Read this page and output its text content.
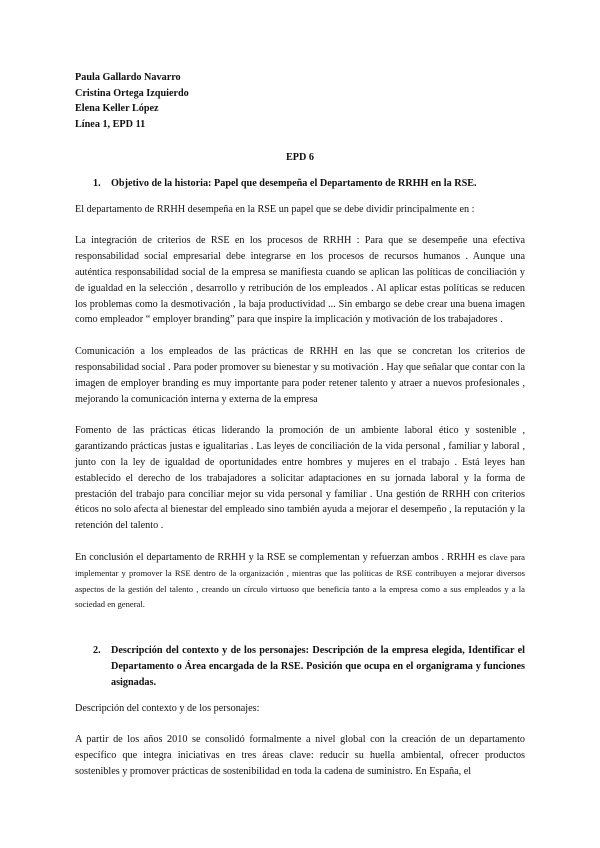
Paula Gallardo Navarro
Cristina Ortega Izquierdo
Elena Keller López
Línea 1, EPD 11
EPD 6
1.	Objetivo de la historia: Papel que desempeña el Departamento de RRHH en la RSE.

El departamento de RRHH desempeña en la RSE un papel que se debe dividir principalmente en :

La integración de criterios de RSE en los procesos de RRHH : Para que se desempeñe una efectiva responsabilidad social empresarial debe integrarse en los procesos de recursos humanos . Aunque una auténtica responsabilidad social de la empresa se manifiesta cuando se aplican las políticas de conciliación y de igualdad en la selección , desarrollo y retribución de los empleados . Al aplicar estas políticas se reducen los problemas como la desmotivación , la baja productividad ... Sin embargo se debe crear una buena imagen como empleador “ employer branding” para que inspire la implicación y motivación de los trabajadores .

Comunicación a los empleados de las prácticas de RRHH en las que se concretan los criterios de responsabilidad social . Para poder promover su bienestar y su motivación . Hay que señalar que contar con la imagen de employer branding es muy importante para poder retener talento y atraer a nuevos profesionales , mejorando la comunicación interna y externa de la empresa

Fomento de las prácticas éticas liderando la promoción de un ambiente laboral ético y sostenible , garantizando prácticas justas e igualitarias . Las leyes de conciliación de la vida personal , familiar y laboral , junto con la ley de igualdad de oportunidades entre hombres y mujeres en el trabajo . Está leyes han establecido el derecho de los trabajadores a solicitar adaptaciones en su jornada laboral y la forma de prestación del trabajo para conciliar mejor su vida personal y familiar . Una gestión de RRHH con criterios éticos no solo afecta al bienestar del empleado sino también ayuda a mejorar el desempeño , la reputación y la retención del talento .

En conclusión el departamento de RRHH y la RSE se complementan y refuerzan ambos . RRHH es clave para implementar y promover la RSE dentro de la organización , mientras que las políticas de RSE contribuyen a mejorar diversos aspectos de la gestión del talento , creando un círculo virtuoso que beneficia tanto a la empresa como a sus empleados y a la sociedad en general.

2.	Descripción del contexto y de los personajes: Descripción de la empresa elegida, Identificar el Departamento o Área encargada de la RSE. Posición que ocupa en el organigrama y funciones asignadas.

Descripción del contexto y de los personajes:

A partir de los años 2010 se consolidó formalmente a nivel global con la creación de un departamento específico que integra iniciativas en tres áreas clave: reducir su huella ambiental, ofrecer productos sostenibles y promover prácticas de sostenibilidad en toda la cadena de suministro. En España, el
